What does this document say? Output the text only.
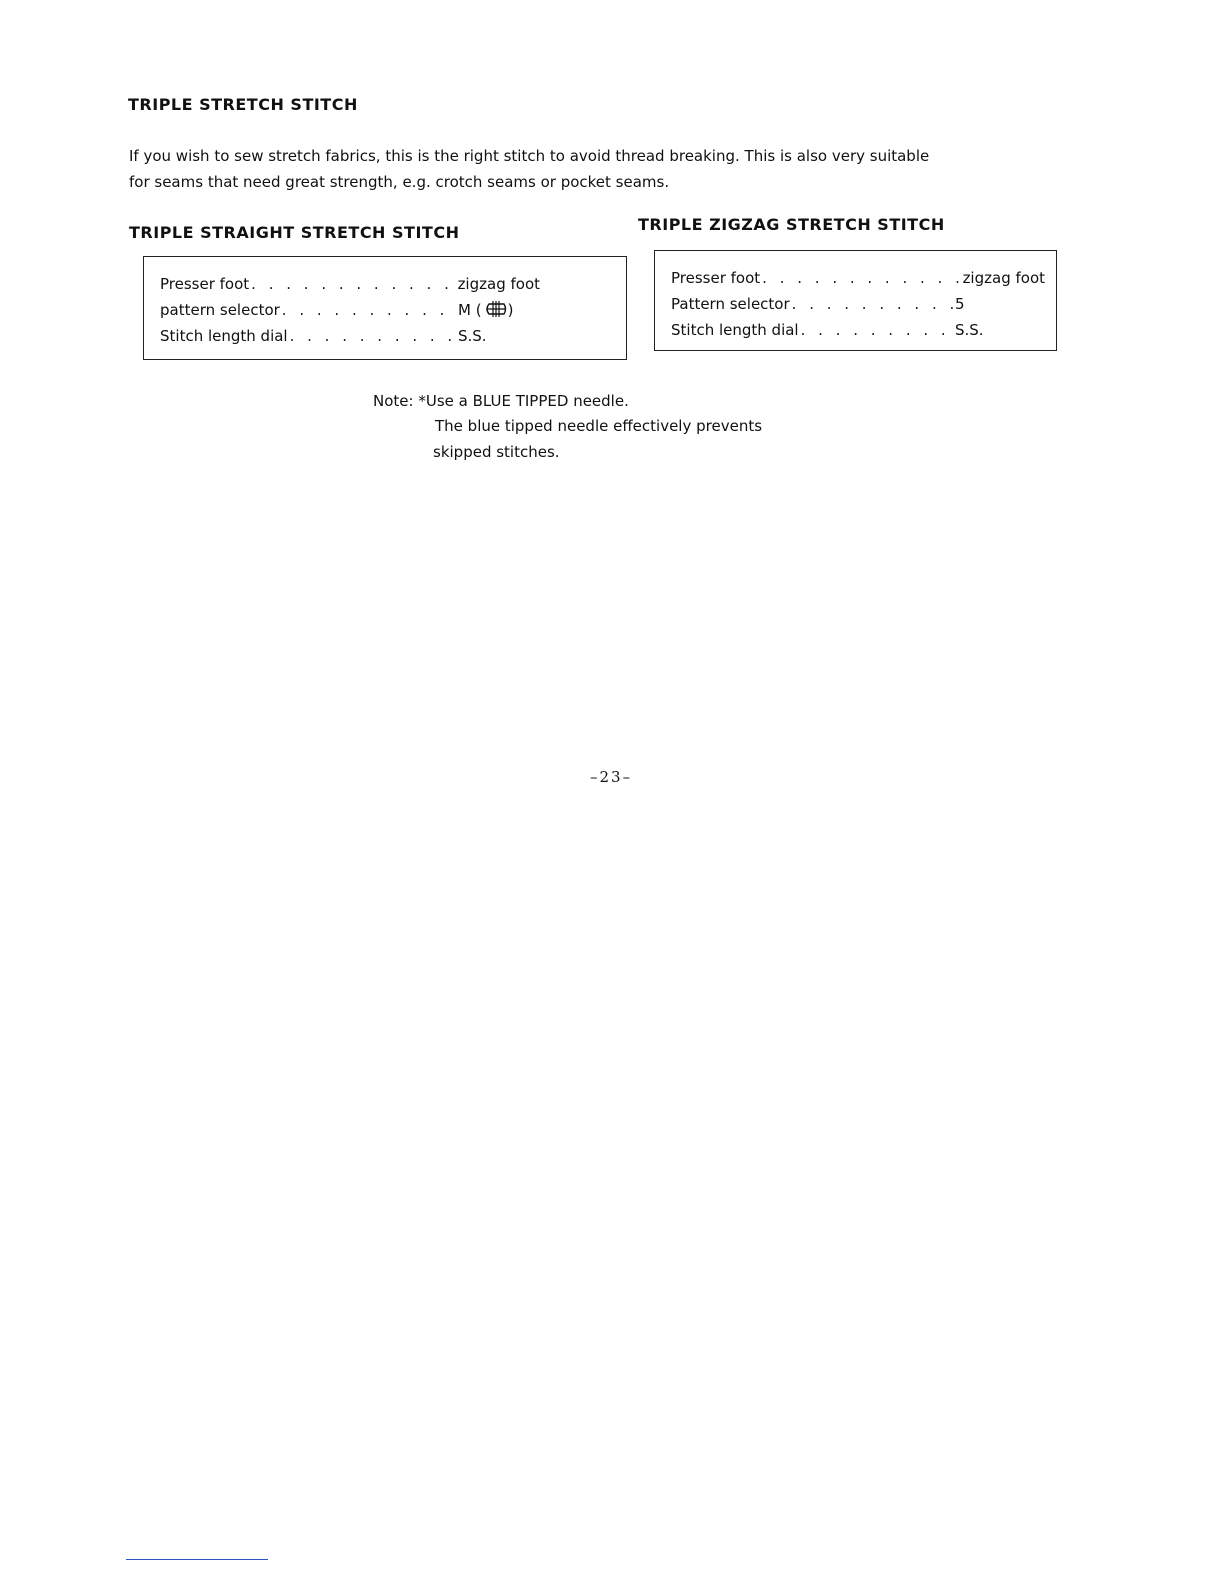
TRIPLE STRETCH STITCH
If you wish to sew stretch fabrics, this is the right stitch to avoid thread breaking. This is also very suitable
for seams that need great strength, e.g. crotch seams or pocket seams.
TRIPLE STRAIGHT STRETCH STITCH
Presser foot . . .	zigzag foot
pattern selector . . .	M ( )
Stitch length dial . . .	S.S.
TRIPLE ZIGZAG STRETCH STITCH
Presser foot . . .	zigzag foot
Pattern selector . . .	5
Stitch length dial . . .	S.S.
Note: *Use a BLUE TIPPED needle.
The blue tipped needle effectively prevents
skipped stitches.
–23–
